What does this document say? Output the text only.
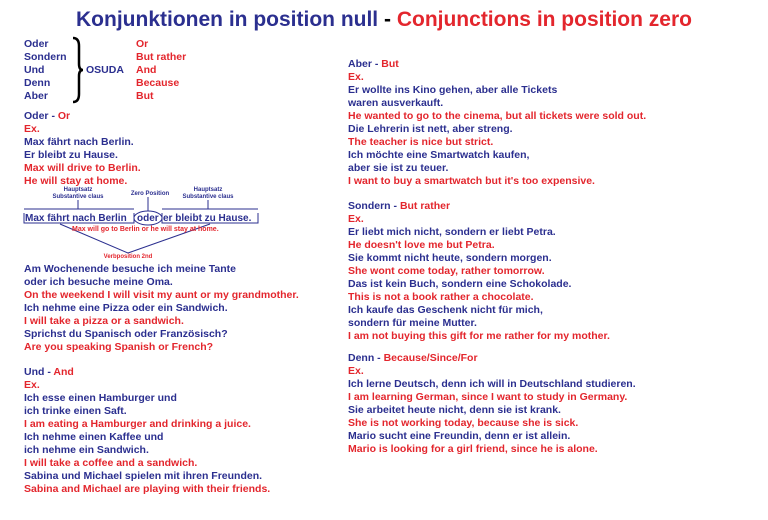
Konjunktionen in position null - Conjunctions in position zero
Oder
Sondern
Und
Denn
Aber
OSUDA
Or
But rather
And
Because
But
Oder - Or
Ex.
Max fährt nach Berlin.
Er bleibt zu Hause.
Max will drive to Berlin.
He will stay at home.
Hauptsatz
Substantive claus	Zero Position
Hauptsatz
Substantive claus
Max fährt nach Berlin oder er bleibt zu Hause.
Max will go to Berlin or he will stay at home.
Verbposition 2nd
Am Wochenende besuche ich meine Tante
oder ich besuche meine Oma.
On the weekend I will visit my aunt or my grandmother.
Ich nehme eine Pizza oder ein Sandwich.
I will take a pizza or a sandwich.
Sprichst du Spanisch oder Französisch?
Are you speaking Spanish or French?
Und - And
Ex.
Ich esse einen Hamburger und
ich trinke einen Saft.
I am eating a Hamburger and drinking a juice.
Ich nehme einen Kaffee und
ich nehme ein Sandwich.
I will take a coffee and a sandwich.
Sabina und Michael spielen mit ihren Freunden.
Sabina and Michael are playing with their friends.
Aber - But
Ex.
Er wollte ins Kino gehen, aber alle Tickets
waren ausverkauft.
He wanted to go to the cinema, but all tickets were sold out.
Die Lehrerin ist nett, aber streng.
The teacher is nice but strict.
Ich möchte eine Smartwatch kaufen,
aber sie ist zu teuer.
I want to buy a smartwatch but it's too expensive.
Sondern - But rather
Ex.
Er liebt mich nicht, sondern er liebt Petra.
He doesn't love me but Petra.
Sie kommt nicht heute, sondern morgen.
She wont come today, rather tomorrow.
Das ist kein Buch, sondern eine Schokolade.
This is not a book rather a chocolate.
Ich kaufe das Geschenk nicht für mich,
sondern für meine Mutter.
I am not buying this gift for me rather for my mother.
Denn - Because/Since/For
Ex.
Ich lerne Deutsch, denn ich will in Deutschland studieren.
I am learning German, since I want to study in Germany.
Sie arbeitet heute nicht, denn sie ist krank.
She is not working today, because she is sick.
Mario sucht eine Freundin, denn er ist allein.
Mario is looking for a girl friend, since he is alone.
